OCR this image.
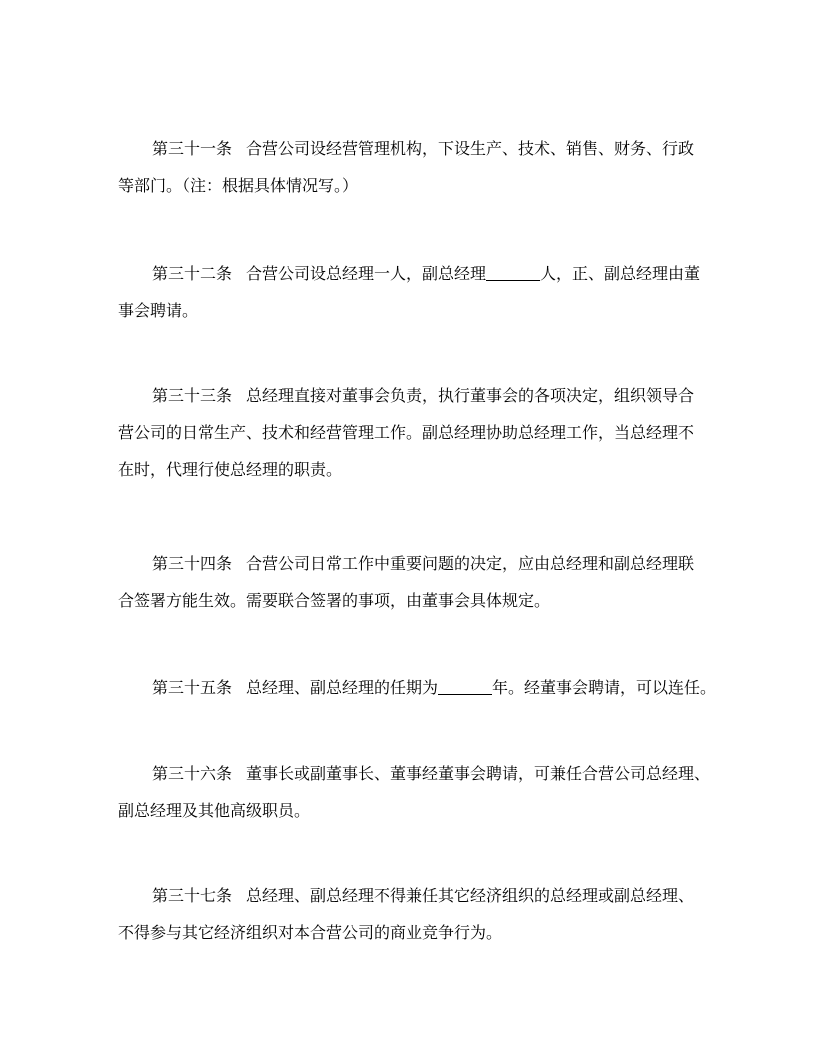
第三十一条 合营公司设经营管理机构，下设生产、技术、销售、财务、行政
等部门。（注：根据具体情况写。）
第三十二条 合营公司设总经理一人，副总经理	人，正、副总经理由董
事会聘请。
第三十三条 总经理直接对董事会负责，执行董事会的各项决定，组织领导合
营公司的日常生产、技术和经营管理工作。副总经理协助总经理工作，当总经理不
在时，代理行使总经理的职责。
第三十四条 合营公司日常工作中重要问题的决定，应由总经理和副总经理联
合签署方能生效。需要联合签署的事项，由董事会具体规定。
第三十五条 总经理、副总经理的任期为	年。经董事会聘请，可以连任。
第三十六条 董事长或副董事长、董事经董事会聘请，可兼任合营公司总经理、
副总经理及其他高级职员。
第三十七条 总经理、副总经理不得兼任其它经济组织的总经理或副总经理、
不得参与其它经济组织对本合营公司的商业竞争行为。
